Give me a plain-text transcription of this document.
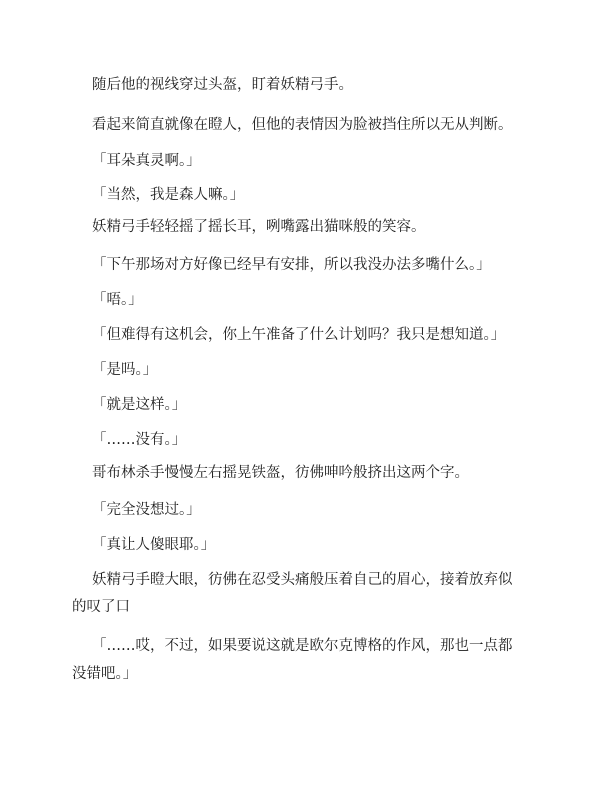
随后他的视线穿过头盔，盯着妖精弓手。

看起来简直就像在瞪人，但他的表情因为脸被挡住所以无从判断。

「耳朵真灵啊。」

「当然，我是森人嘛。」

妖精弓手轻轻摇了摇长耳，咧嘴露出猫咪般的笑容。

「下午那场对方好像已经早有安排，所以我没办法多嘴什么。」

「唔。」

「但难得有这机会，你上午准备了什么计划吗？我只是想知道。」

「是吗。」

「就是这样。」

「……没有。」

哥布林杀手慢慢左右摇晃铁盔，彷佛呻吟般挤出这两个字。

「完全没想过。」

「真让人傻眼耶。」

妖精弓手瞪大眼，彷佛在忍受头痛般压着自己的眉心，接着放弃似

的叹了口

「……哎，不过，如果要说这就是欧尔克博格的作风，那也一点都

没错吧。」
